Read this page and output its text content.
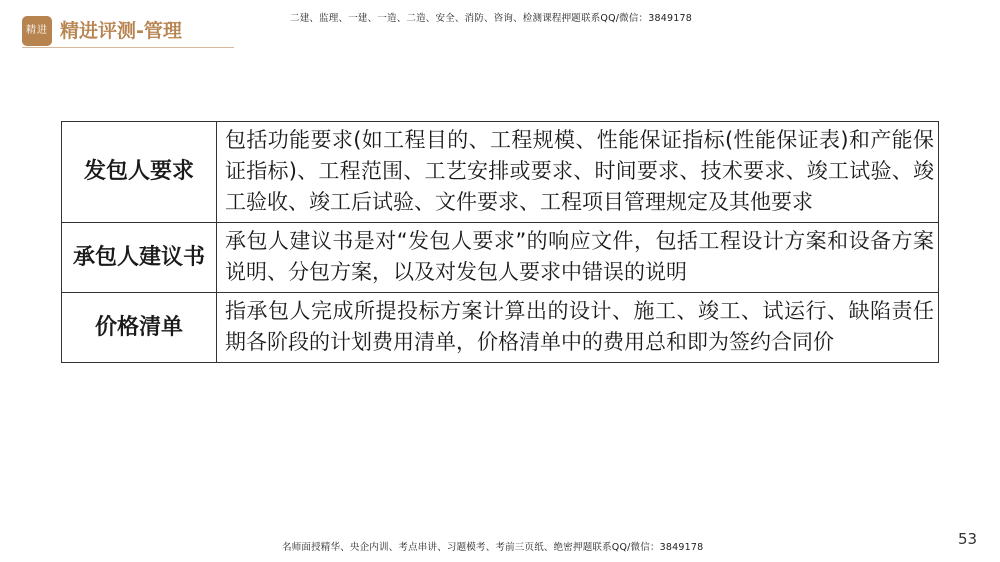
精进 精进评测-管理
二建、监理、一建、一造、二造、安全、消防、咨询、检测课程押题联系QQ/微信：3849178
发包人要求	包括功能要求(如工程目的、工程规模、性能保证指标(性能保证表)和产能保证指标)、工程范围、工艺安排或要求、时间要求、技术要求、竣工试验、竣工验收、竣工后试验、文件要求、工程项目管理规定及其他要求
承包人建议书	承包人建议书是对“发包人要求”的响应文件，包括工程设计方案和设备方案说明、分包方案，以及对发包人要求中错误的说明
价格清单	指承包人完成所提投标方案计算出的设计、施工、竣工、试运行、缺陷责任期各阶段的计划费用清单，价格清单中的费用总和即为签约合同价
名师面授精华、央企内训、考点串讲、习题模考、考前三页纸、绝密押题联系QQ/微信：3849178	53
